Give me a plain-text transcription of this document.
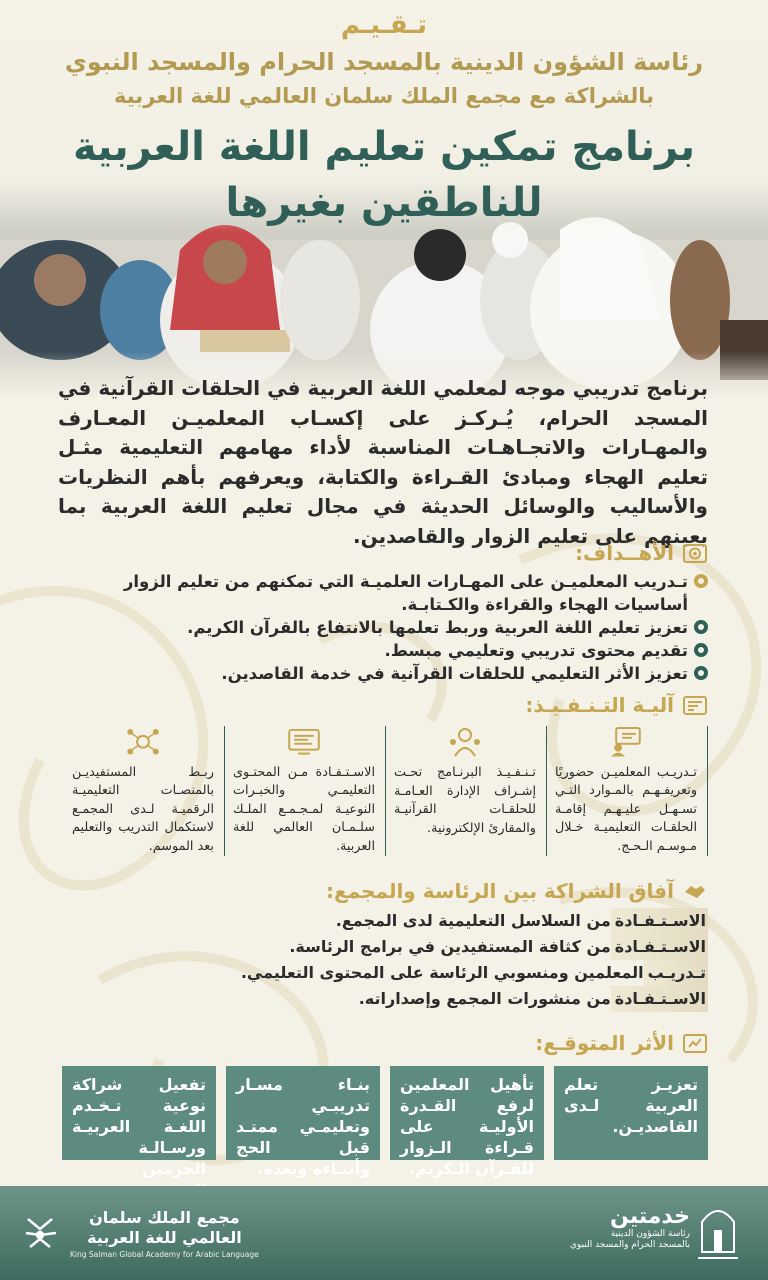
تـقـيـم
رئاسة الشؤون الدينية بالمسجد الحرام والمسجد النبوي
بالشراكة مع مجمع الملك سلمان العالمي للغة العربية
برنامج تمكين تعليم اللغة العربية
للناطقين بغيرها
برنامج تدريبي موجه لمعلمي اللغة العربية في الحلقات القرآنية في المسجد الحرام، يُـركـز على إكسـاب المعلميـن المعـارف والمهـارات والاتجـاهـات المناسبة لأداء مهامهم التعليمية مثـل تعليم الهجاء ومبادئ القـراءة والكتابة، ويعرفهم بأهم النظريات والأساليب والوسائل الحديثة في مجال تعليم اللغة العربية بما يعينهم على تعليم الزوار والقاصدين.
الأهــداف:
تـدريب المعلميـن على المهـارات العلميـة التي تمكنهم من تعليم الزوار أساسيات الهجاء والقراءة والكـتابـة.
تعزيز تعليم اللغة العربية وربط تعلمها بالانتفاع بالقرآن الكريم.
تقديم محتوى تدريبي وتعليمي مبسط.
تعزيز الأثر التعليمي للحلقات القرآنية في خدمة القاصدين.
آليـة التـنـفـيـذ:
تـدريـب المعلميـن حضوريًا وتعريفـهـم بالمـوارد التـي تسـهـل عليـهـم إقامـة الحلقـات التعليميـة خـلال مـوسـم الـحـج.
تـنـفـيـذ البرنـامج تحـت إشـراف الإدارة العـامـة للحلقـات القرآنيـة والمقارئ الإلكترونية.
الاسـتـفـادة مـن المحتـوى التعليمـي والخبـرات النوعيـة لمـجـمـع الملـك سلـمـان العالمي للغة العربية.
ربـط المستفيديـن بالمنصـات التعليميـة الرقميـة لـدى المجمـع لاستكمال التدريب والتعليم بعد الموسم.
آفاق الشراكة بين الرئاسة والمجمع:
الاسـتـفـادة
من السلاسل التعليمية لدى المجمع.
الاسـتـفـادة
من كثافة المستفيدين في برامج الرئاسة.
تـدريـب
المعلمين ومنسوبي الرئاسة على المحتوى التعليمي.
الاسـتـفـادة
من منشورات المجمع وإصداراته.
الأثر المتوقـع:
تعزيـز تعلم العربية لـدى القاصديـن.
تأهيل المعلمين لرفع القـدرة الأوليـة على قـراءة الـزوار للقـرآن الـكريم.
بنـاء مسـار تدريبـي وتعليمـي ممتـد قبل الحج وأثنـاءه وبعده.
تفعيل شراكة نوعية تـخـدم اللغـة العربيـة ورسـالـة الحرمين
مجمع الملك سلمان
العالمي للغة العربية
King Salman Global Academy for Arabic Language
خدمتين
رئاسة الشؤون الدينية
بالمسجد الحرام والمسجد النبوي
